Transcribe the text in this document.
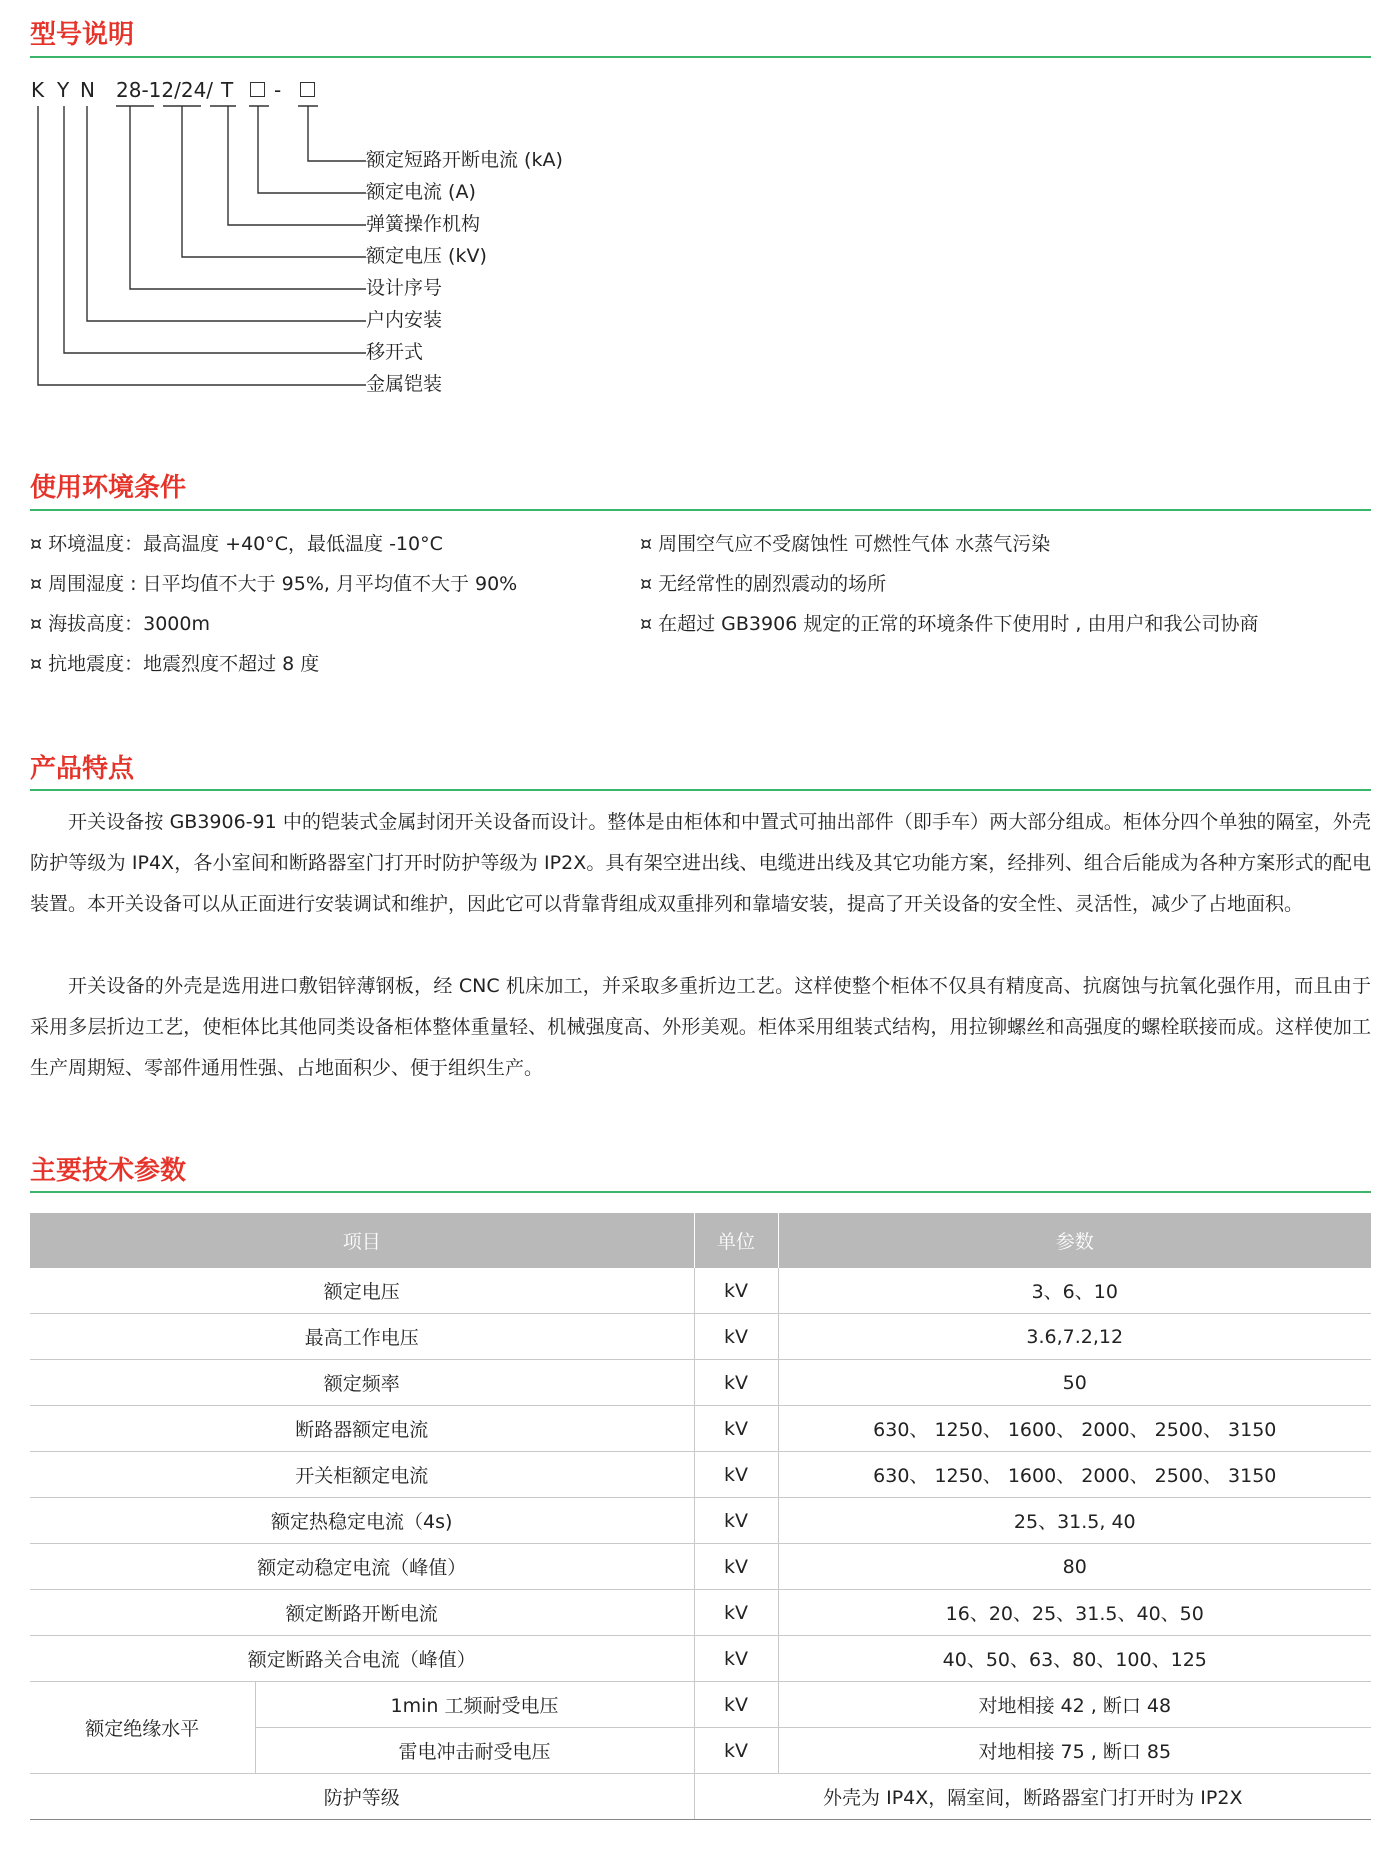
型号说明
K Y N 28-12/24/ T -
额定短路开断电流 (kA)
额定电流 (A)
弹簧操作机构
额定电压 (kV)
设计序号
户内安装
移开式
金属铠装
使用环境条件
¤ 环境温度：最高温度 +40°C，最低温度 -10°C
¤ 周围湿度 : 日平均值不大于 95%, 月平均值不大于 90%
¤ 海拔高度：3000m
¤ 抗地震度：地震烈度不超过 8 度
¤ 周围空气应不受腐蚀性 可燃性气体 水蒸气污染
¤ 无经常性的剧烈震动的场所
¤ 在超过 GB3906 规定的正常的环境条件下使用时 , 由用户和我公司协商
产品特点

开关设备按 GB3906-91 中的铠装式金属封闭开关设备而设计。整体是由柜体和中置式可抽出部件（即手车）两大部分组成。柜体分四个单独的隔室，外壳防护等级为 IP4X，各小室间和断路器室门打开时防护等级为 IP2X。具有架空进出线、电缆进出线及其它功能方案，经排列、组合后能成为各种方案形式的配电装置。本开关设备可以从正面进行安装调试和维护，因此它可以背靠背组成双重排列和靠墙安装，提高了开关设备的安全性、灵活性，减少了占地面积。

开关设备的外壳是选用进口敷铝锌薄钢板，经 CNC 机床加工，并采取多重折边工艺。这样使整个柜体不仅具有精度高、抗腐蚀与抗氧化强作用，而且由于采用多层折边工艺，使柜体比其他同类设备柜体整体重量轻、机械强度高、外形美观。柜体采用组装式结构，用拉铆螺丝和高强度的螺栓联接而成。这样使加工生产周期短、零部件通用性强、占地面积少、便于组织生产。

主要技术参数
项目		单位	参数
额定电压		kV	3、6、10
最高工作电压		kV	3.6,7.2,12
额定频率		kV	50
断路器额定电流		kV	630、 1250、 1600、 2000、 2500、 3150
开关柜额定电流		kV	630、 1250、 1600、 2000、 2500、 3150
额定热稳定电流（4s)		kV	25、31.5, 40
额定动稳定电流（峰值）		kV	80
额定断路开断电流		kV	16、20、25、31.5、40、50
额定断路关合电流（峰值）		kV	40、50、63、80、100、125
额定绝缘水平	1min 工频耐受电压	kV	对地相接 42 , 断口 48
	雷电冲击耐受电压	kV	对地相接 75 , 断口 85
防护等级		外壳为 IP4X，隔室间，断路器室门打开时为 IP2X	
